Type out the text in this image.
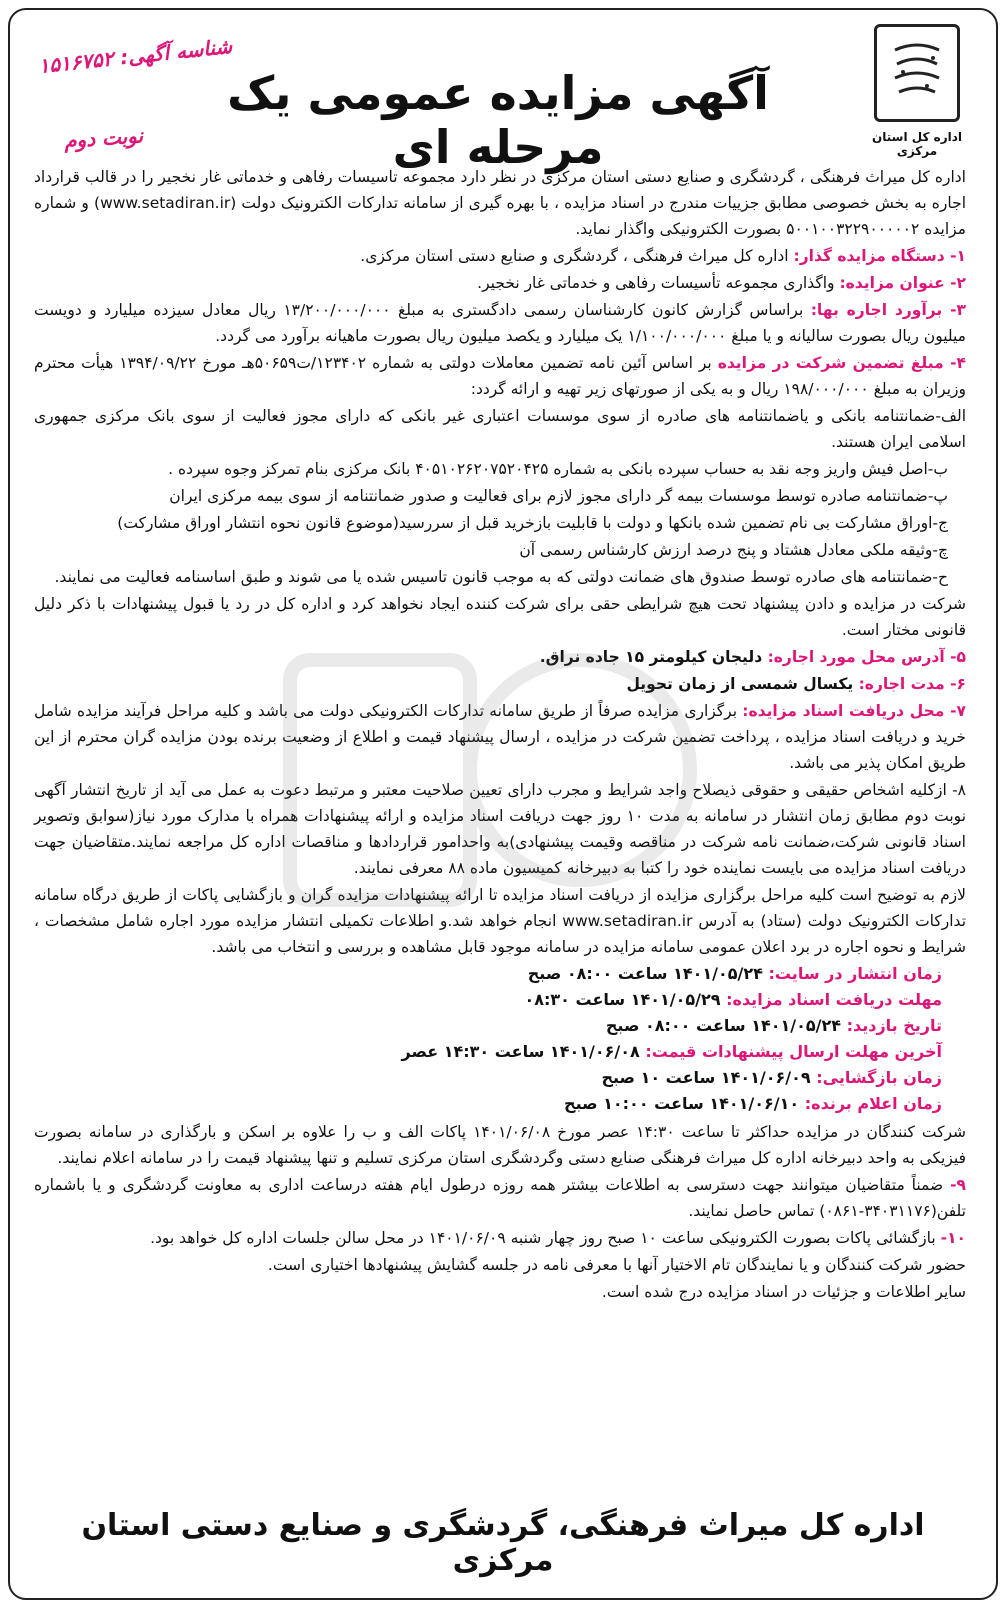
اداره کل استان مرکزی
آگهی مزایده عمومی یک مرحله ای
شناسه آگهی: ۱۵۱۶۷۵۲
نوبت دوم

اداره کل میراث فرهنگی ، گردشگری و صنایع دستی استان مرکزی در نظر دارد مجموعه تاسیسات رفاهی و خدماتی غار نخجیر را در قالب قرارداد اجاره به بخش خصوصی مطابق جزییات مندرج در اسناد مزایده ، با بهره گیری از سامانه تدارکات الکترونیک دولت (www.setadiran.ir) و شماره مزایده ۵۰۰۱۰۰۳۲۲۹۰۰۰۰۰۲ بصورت الکترونیکی واگذار نماید.

۱- دستگاه مزایده گذار: اداره کل میراث فرهنگی ، گردشگری و صنایع دستی استان مرکزی.

۲- عنوان مزایده: واگذاری مجموعه تأسیسات رفاهی و خدماتی غار نخجیر.

۳- برآورد اجاره بها: براساس گزارش کانون کارشناسان رسمی دادگستری به مبلغ ۱۳/۲۰۰/۰۰۰/۰۰۰ ریال معادل سیزده میلیارد و دویست میلیون ریال بصورت سالیانه و یا مبلغ ۱/۱۰۰/۰۰۰/۰۰۰ یک میلیارد و یکصد میلیون ریال بصورت ماهیانه برآورد می گردد.

۴- مبلغ تضمین شرکت در مزایده بر اساس آئین نامه تضمین معاملات دولتی به شماره ۱۲۳۴۰۲/ت۵۰۶۵۹هـ مورخ ۱۳۹۴/۰۹/۲۲ هیأت محترم وزیران به مبلغ ۱۹۸/۰۰۰/۰۰۰ ریال و به یکی از صورتهای زیر تهیه و ارائه گردد:

الف-ضمانتنامه بانکی و یاضمانتنامه های صادره از سوی موسسات اعتباری غیر بانکی که دارای مجوز فعالیت از سوی بانک مرکزی جمهوری اسلامی ایران هستند.

ب-اصل فیش واریز وجه نقد به حساب سپرده بانکی به شماره ۴۰۵۱۰۲۶۲۰۷۵۲۰۴۲۵ بانک مرکزی بنام تمرکز وجوه سپرده .

پ-ضمانتنامه صادره توسط موسسات بیمه گر دارای مجوز لازم برای فعالیت و صدور ضمانتنامه از سوی بیمه مرکزی ایران

ج-اوراق مشارکت بی نام تضمین شده بانکها و دولت با قابلیت بازخرید قبل از سررسید(موضوع قانون نحوه انتشار اوراق مشارکت)

چ-وثیقه ملکی معادل هشتاد و پنج درصد ارزش کارشناس رسمی آن

ح-ضمانتنامه های صادره توسط صندوق های ضمانت دولتی که به موجب قانون تاسیس شده یا می شوند و طبق اساسنامه فعالیت می نمایند.

شرکت در مزایده و دادن پیشنهاد تحت هیچ شرایطی حقی برای شرکت کننده ایجاد نخواهد کرد و اداره کل در رد یا قبول پیشنهادات با ذکر دلیل قانونی مختار است.

۵- آدرس محل مورد اجاره: دلیجان کیلومتر ۱۵ جاده نراق.

۶- مدت اجاره: یکسال شمسی از زمان تحویل

۷- محل دریافت اسناد مزایده: برگزاری مزایده صرفاً از طریق سامانه تدارکات الکترونیکی دولت می باشد و کلیه مراحل فرآیند مزایده شامل خرید و دریافت اسناد مزایده ، پرداخت تضمین شرکت در مزایده ، ارسال پیشنهاد قیمت و اطلاع از وضعیت برنده بودن مزایده گران محترم از این طریق امکان پذیر می باشد.

۸- ازکلیه اشخاص حقیقی و حقوقی ذیصلاح واجد شرایط و مجرب دارای تعیین صلاحیت معتبر و مرتبط دعوت به عمل می آید از تاریخ انتشار آگهی نوبت دوم مطابق زمان انتشار در سامانه به مدت ۱۰ روز جهت دریافت اسناد مزایده و ارائه پیشنهادات همراه با مدارک مورد نیاز(سوابق وتصویر اسناد قانونی شرکت،ضمانت نامه شرکت در مناقصه وقیمت پیشنهادی)به واحدامور قراردادها و مناقصات اداره کل مراجعه نمایند.متقاضیان جهت دریافت اسناد مزایده می بایست نماینده خود را کتبا به دبیرخانه کمیسیون ماده ۸۸ معرفی نمایند.

لازم به توضیح است کلیه مراحل برگزاری مزایده از دریافت اسناد مزایده تا ارائه پیشنهادات مزایده گران و بازگشایی پاکات از طریق درگاه سامانه تدارکات الکترونیک دولت (ستاد) به آدرس www.setadiran.ir انجام خواهد شد.و اطلاعات تکمیلی انتشار مزایده مورد اجاره شامل مشخصات ، شرایط و نحوه اجاره در برد اعلان عمومی سامانه مزایده در سامانه موجود قابل مشاهده و بررسی و انتخاب می باشد.

زمان انتشار در سایت: ۱۴۰۱/۰۵/۲۴ ساعت ۰۸:۰۰ صبح
مهلت دریافت اسناد مزایده: ۱۴۰۱/۰۵/۲۹ ساعت ۰۸:۳۰
تاریخ بازدید: ۱۴۰۱/۰۵/۲۴ ساعت ۰۸:۰۰ صبح
آخرین مهلت ارسال پیشنهادات قیمت: ۱۴۰۱/۰۶/۰۸ ساعت ۱۴:۳۰ عصر
زمان بازگشایی: ۱۴۰۱/۰۶/۰۹ ساعت ۱۰ صبح
زمان اعلام برنده: ۱۴۰۱/۰۶/۱۰ ساعت ۱۰:۰۰ صبح

شرکت کنندگان در مزایده حداکثر تا ساعت ۱۴:۳۰ عصر مورخ ۱۴۰۱/۰۶/۰۸ پاکات الف و ب را علاوه بر اسکن و بارگذاری در سامانه بصورت فیزیکی به واحد دبیرخانه اداره کل میراث فرهنگی صنایع دستی وگردشگری استان مرکزی تسلیم و تنها پیشنهاد قیمت را در سامانه اعلام نمایند.

۹- ضمناً متقاضیان میتوانند جهت دسترسی به اطلاعات بیشتر همه روزه درطول ایام هفته درساعت اداری به معاونت گردشگری و یا باشماره تلفن(۳۴۰۳۱۱۷۶-۰۸۶۱) تماس حاصل نمایند.

۱۰- بازگشائی پاکات بصورت الکترونیکی ساعت ۱۰ صبح روز چهار شنبه ۱۴۰۱/۰۶/۰۹ در محل سالن جلسات اداره کل خواهد بود.

حضور شرکت کنندگان و یا نمایندگان تام الاختیار آنها با معرفی نامه در جلسه گشایش پیشنهادها اختیاری است.

سایر اطلاعات و جزئیات در اسناد مزایده درج شده است.

اداره کل میراث فرهنگی، گردشگری و صنایع دستی استان مرکزی
